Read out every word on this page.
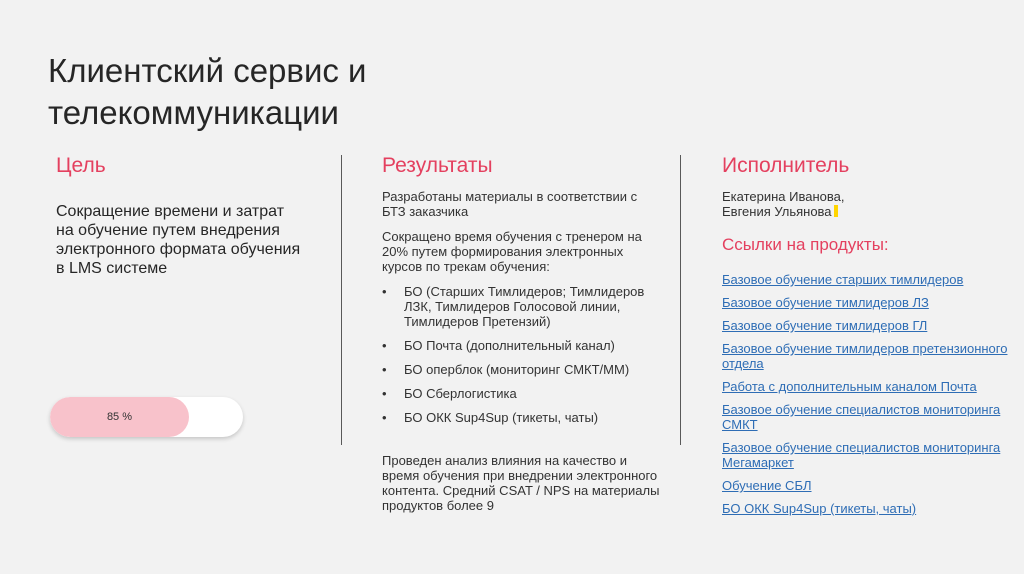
Клиентский сервис и
телекоммуникации
Цель
Сокращение времени и затрат на обучение путем внедрения электронного формата обучения в LMS системе
85 %
Результаты

Разработаны материалы в соответствии с БТЗ заказчика

Сокращено время обучения с тренером на 20% путем формирования электронных курсов по трекам обучения:

• БО (Старших Тимлидеров; Тимлидеров ЛЗК, Тимлидеров Голосовой линии, Тимлидеров Претензий)
• БО Почта (дополнительный канал)
• БО оперблок (мониторинг СМКТ/ММ)
• БО Сберлогистика
• БО ОКК Sup4Sup (тикеты, чаты)

Проведен анализ влияния на качество и время обучения при внедрении электронного контента. Средний CSAT / NPS на материалы продуктов более 9

Исполнитель
Екатерина Иванова,
Евгения Ульянова
Ссылки на продукты:
Базовое обучение старших тимлидеров
Базовое обучение тимлидеров ЛЗ
Базовое обучение тимлидеров ГЛ
Базовое обучение тимлидеров претензионного отдела
Работа с дополнительным каналом Почта
Базовое обучение специалистов мониторинга СМКТ
Базовое обучение специалистов мониторинга Мегамаркет
Обучение СБЛ
БО ОКК Sup4Sup (тикеты, чаты)
